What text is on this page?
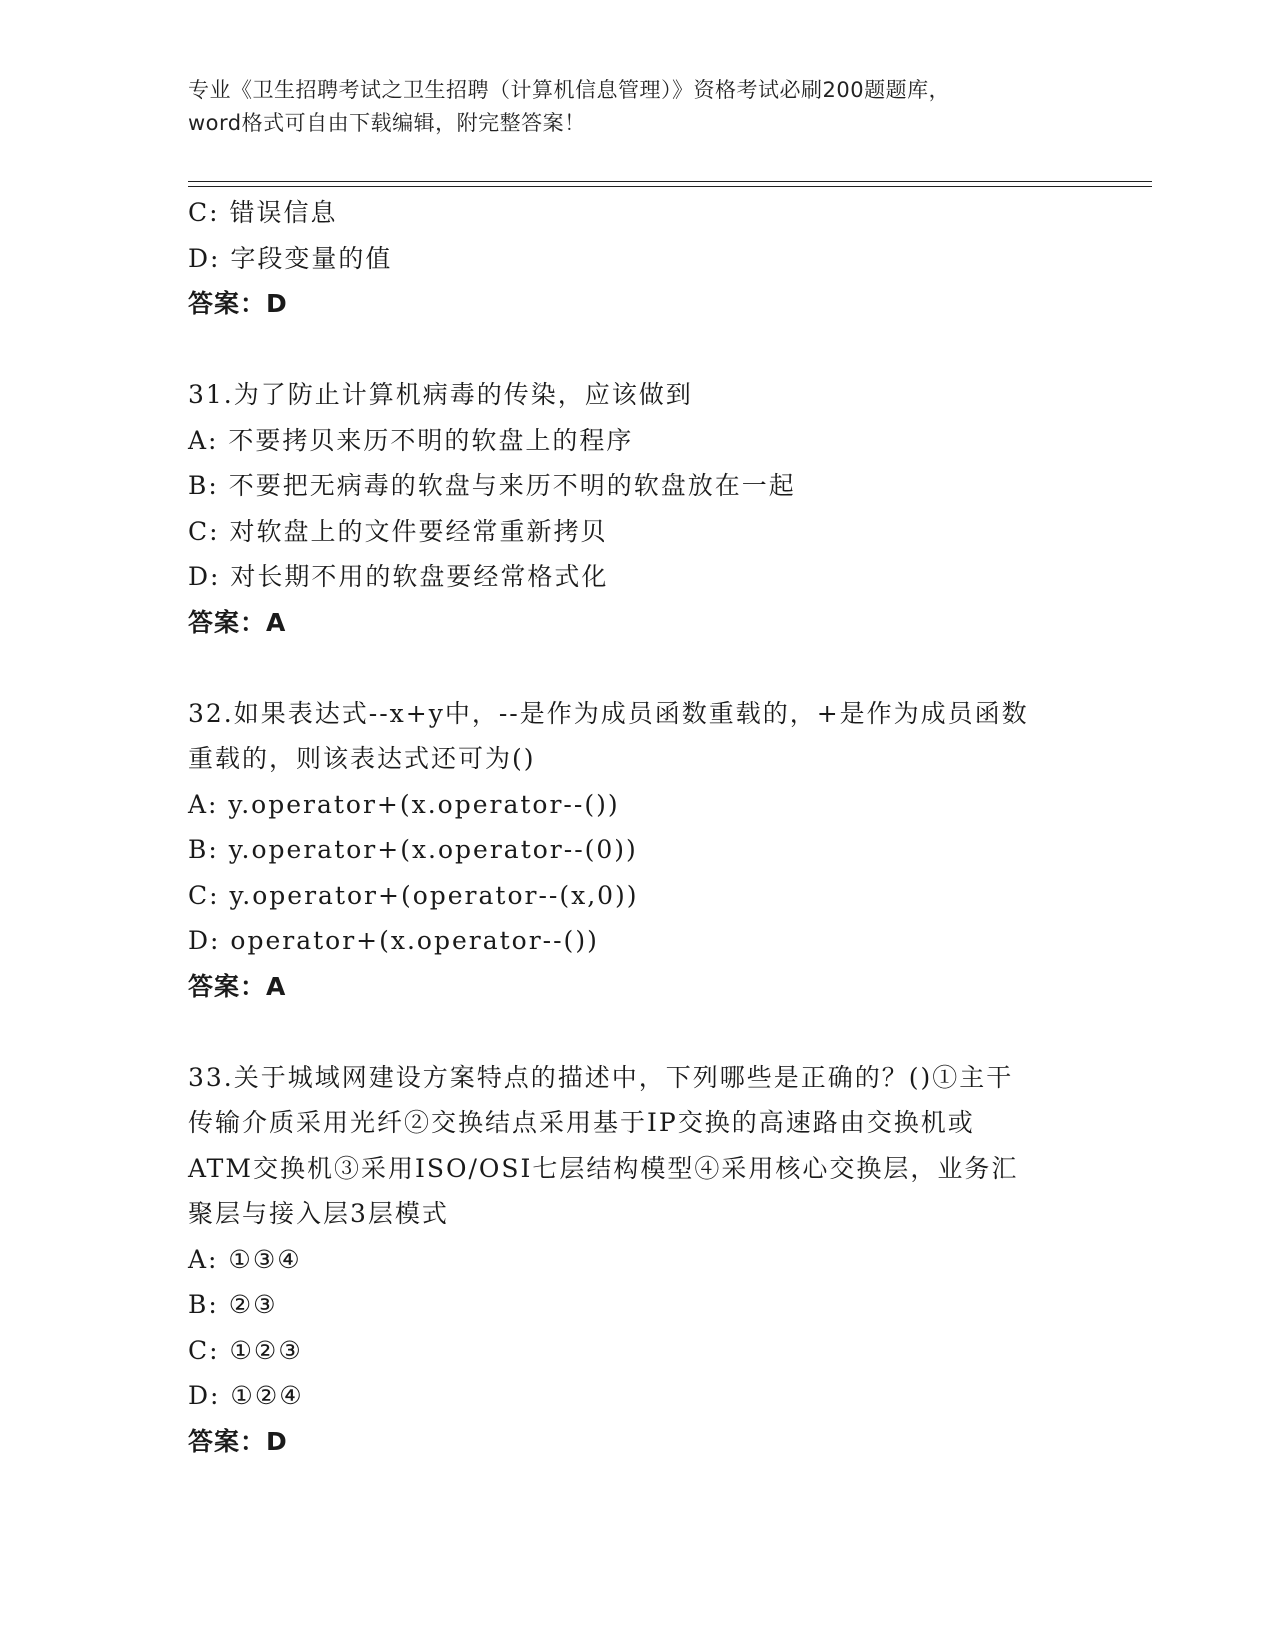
专业《卫生招聘考试之卫生招聘（计算机信息管理）》资格考试必刷200题题库，
word格式可自由下载编辑，附完整答案！
C: 错误信息
D: 字段变量的值
答案：D
31.为了防止计算机病毒的传染，应该做到
A: 不要拷贝来历不明的软盘上的程序
B: 不要把无病毒的软盘与来历不明的软盘放在一起
C: 对软盘上的文件要经常重新拷贝
D: 对长期不用的软盘要经常格式化
答案：A
32.如果表达式--x+y中，--是作为成员函数重载的，+是作为成员函数
重载的，则该表达式还可为()
A: y.operator+(x.operator--())
B: y.operator+(x.operator--(0))
C: y.operator+(operator--(x,0))
D: operator+(x.operator--())
答案：A
33.关于城域网建设方案特点的描述中，下列哪些是正确的？()①主干
传输介质采用光纤②交换结点采用基于IP交换的高速路由交换机或
ATM交换机③采用ISO/OSI七层结构模型④采用核心交换层，业务汇
聚层与接入层3层模式
A: ①③④
B: ②③
C: ①②③
D: ①②④
答案：D
